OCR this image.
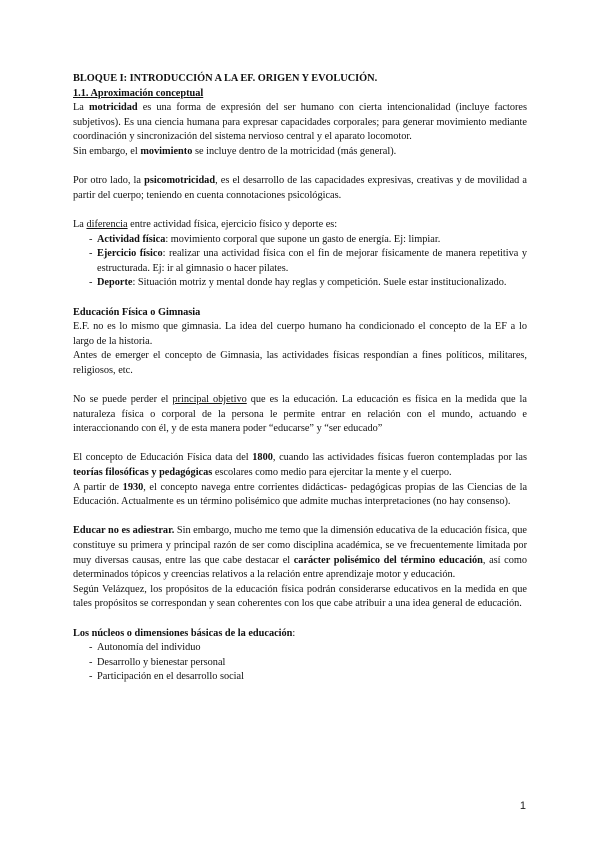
BLOQUE I: INTRODUCCIÓN A LA EF. ORIGEN Y EVOLUCIÓN.

1.1. Aproximación conceptual

La motricidad es una forma de expresión del ser humano con cierta intencionalidad (incluye factores subjetivos). Es una ciencia humana para expresar capacidades corporales; para generar movimiento mediante coordinación y sincronización del sistema nervioso central y el aparato locomotor.

Sin embargo, el movimiento se incluye dentro de la motricidad (más general).

Por otro lado, la psicomotricidad, es el desarrollo de las capacidades expresivas, creativas y de movilidad a partir del cuerpo; teniendo en cuenta connotaciones psicológicas.

La diferencia entre actividad física, ejercicio físico y deporte es:

- Actividad física: movimiento corporal que supone un gasto de energía. Ej: limpiar.
- Ejercicio físico: realizar una actividad física con el fin de mejorar físicamente de manera repetitiva y estructurada. Ej: ir al gimnasio o hacer pilates.
- Deporte: Situación motriz y mental donde hay reglas y competición. Suele estar institucionalizado.

Educación Física o Gimnasia

E.F. no es lo mismo que gimnasia. La idea del cuerpo humano ha condicionado el concepto de la EF a lo largo de la historia.

Antes de emerger el concepto de Gimnasia, las actividades físicas respondían a fines políticos, militares, religiosos, etc.

No se puede perder el principal objetivo que es la educación. La educación es física en la medida que la naturaleza física o corporal de la persona le permite entrar en relación con el mundo, actuando e interaccionando con él, y de esta manera poder “educarse” y “ser educado”

El concepto de Educación Física data del 1800, cuando las actividades físicas fueron contempladas por las teorías filosóficas y pedagógicas escolares como medio para ejercitar la mente y el cuerpo.

A partir de 1930, el concepto navega entre corrientes didácticas- pedagógicas propias de las Ciencias de la Educación. Actualmente es un término polisémico que admite muchas interpretaciones (no hay consenso).

Educar no es adiestrar. Sin embargo, mucho me temo que la dimensión educativa de la educación física, que constituye su primera y principal razón de ser como disciplina académica, se ve frecuentemente limitada por muy diversas causas, entre las que cabe destacar el carácter polisémico del término educación, así como determinados tópicos y creencias relativos a la relación entre aprendizaje motor y educación.

Según Velázquez, los propósitos de la educación física podrán considerarse educativos en la medida en que tales propósitos se correspondan y sean coherentes con los que cabe atribuir a una idea general de educación.

Los núcleos o dimensiones básicas de la educación:

- Autonomía del individuo
- Desarrollo y bienestar personal
- Participación en el desarrollo social
1
